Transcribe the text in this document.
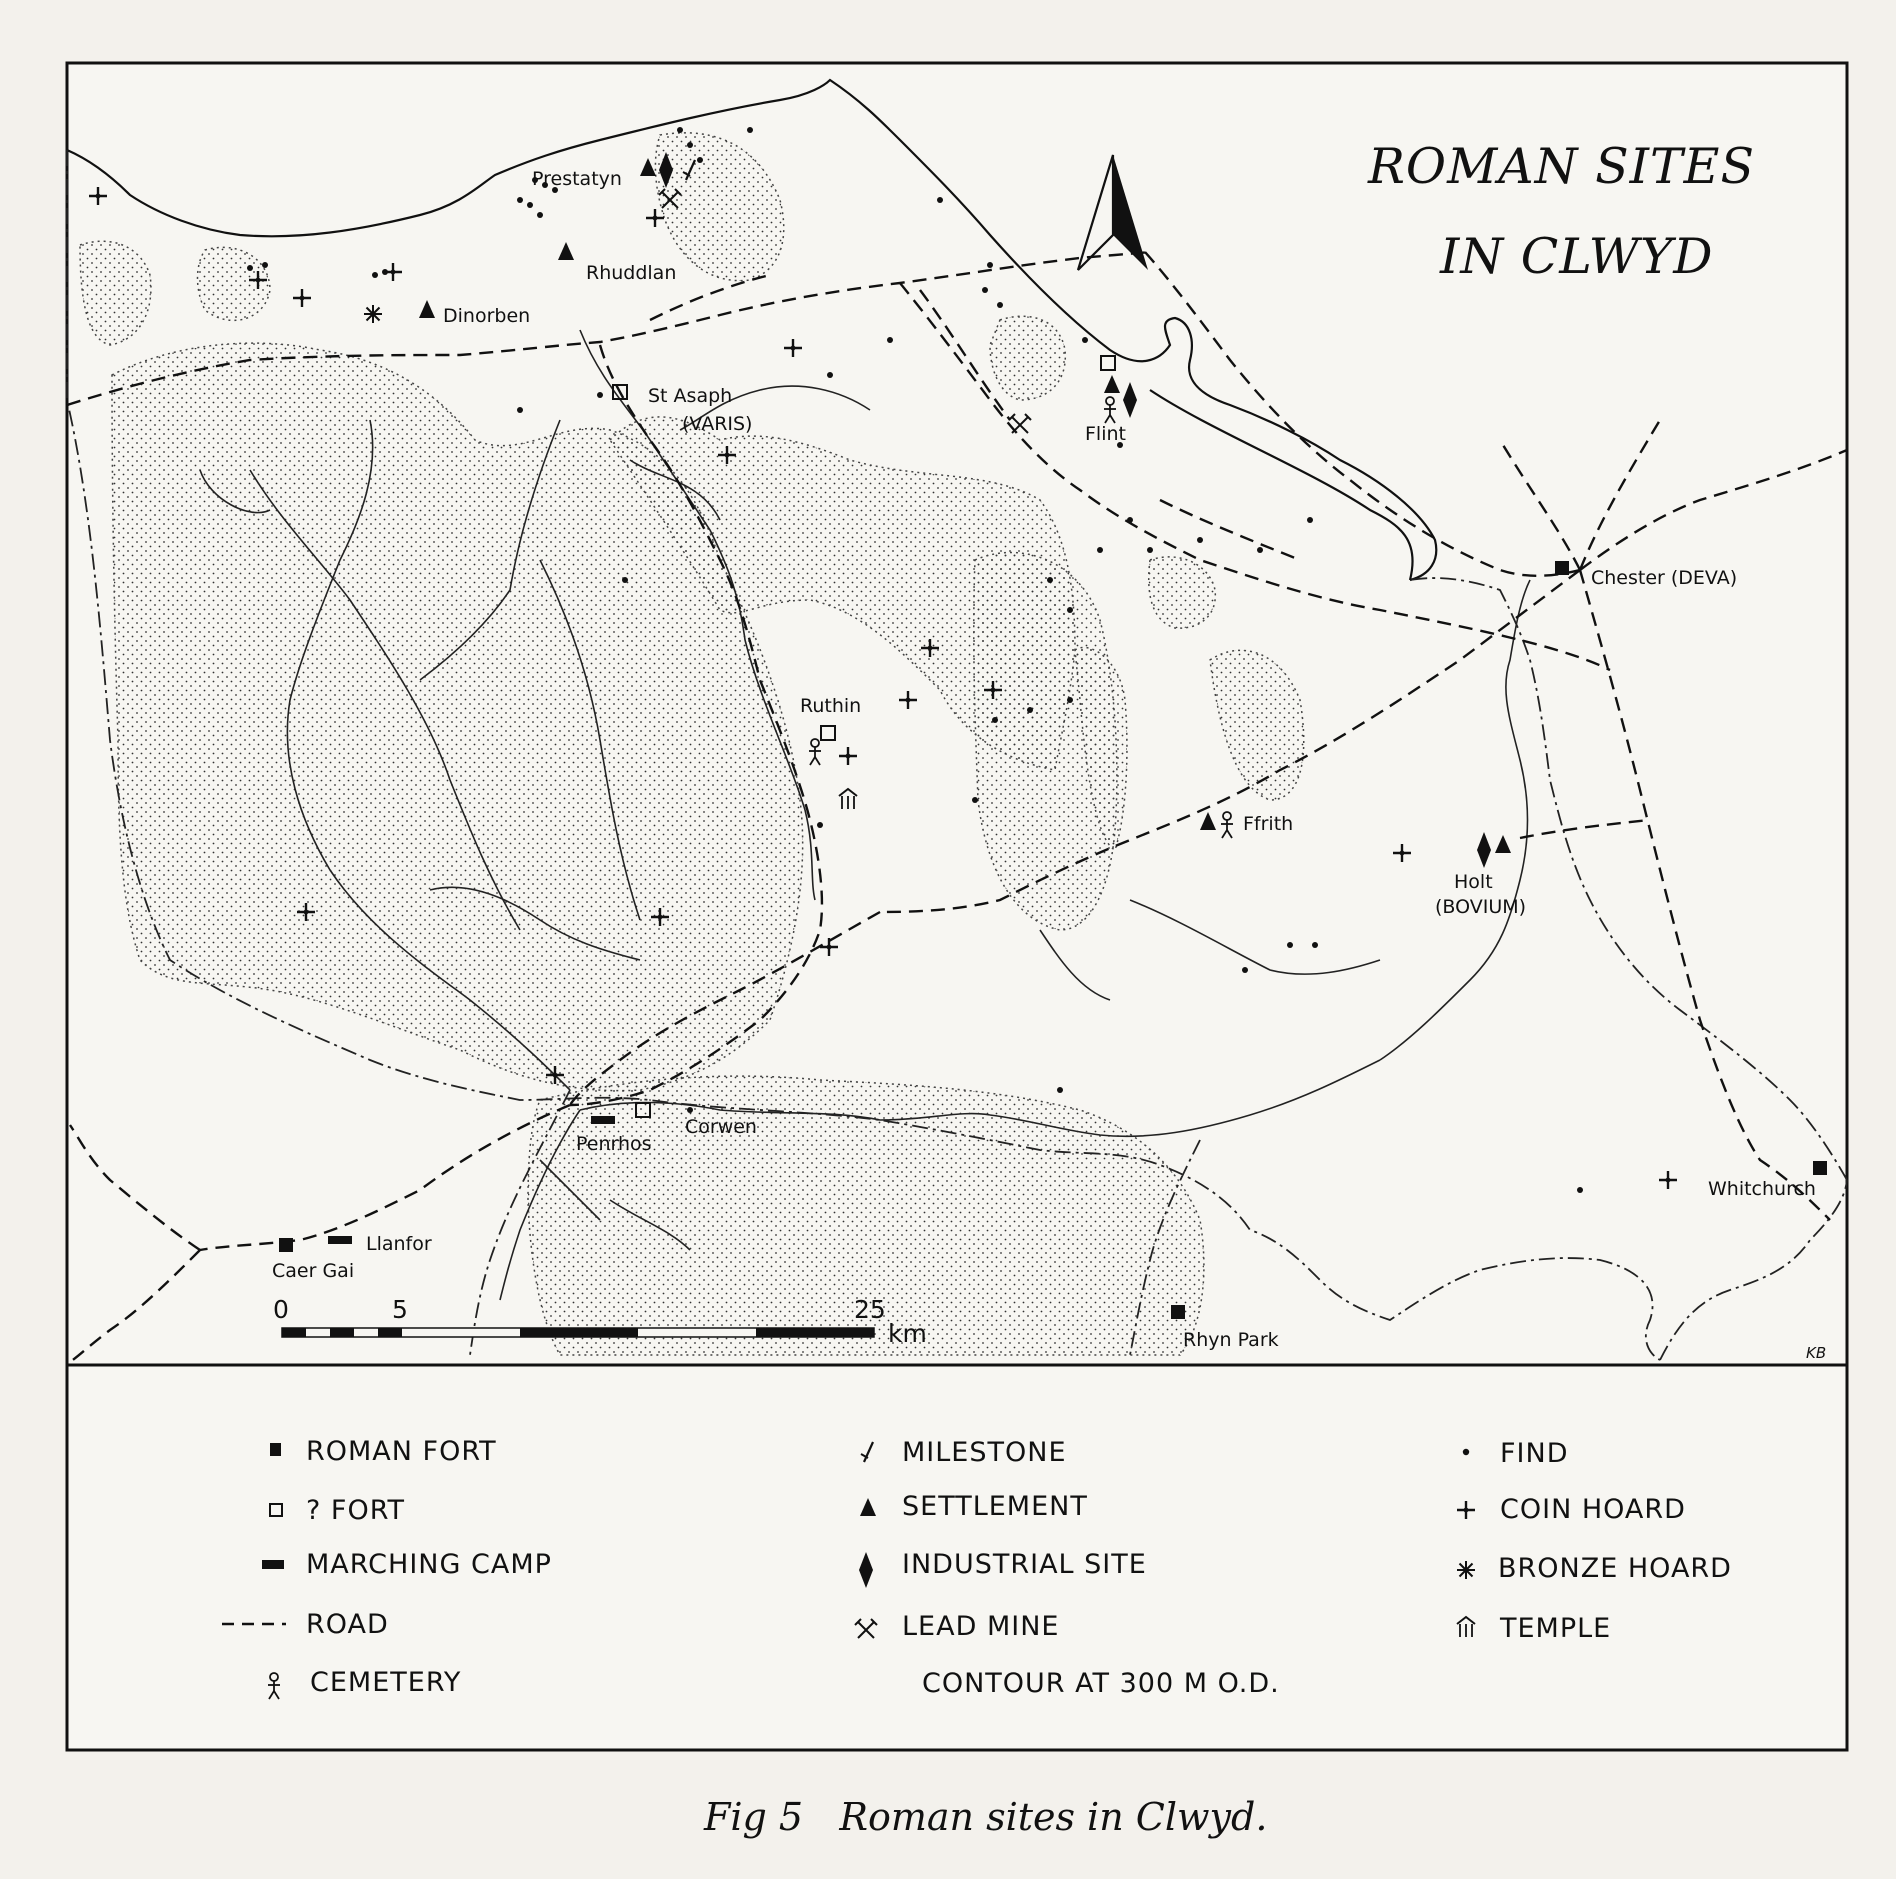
ROMAN SITES
IN CLWYD
Prestatyn
Rhuddlan
Dinorben
St Asaph
(VARIS)	Flint
Chester (DEVA)
Ruthin
Ffrith
Holt
(BOVIUM)
Penrhos
Corwen
Llanfor
Caer Gai
Whitchurch
Rhyn Park
KB
0	5	25
km
ROMAN FORT
? FORT
MARCHING CAMP
ROAD
CEMETERY
MILESTONE
SETTLEMENT
INDUSTRIAL SITE
LEAD MINE
CONTOUR AT 300 M O.D.
FIND
COIN HOARD
BRONZE HOARD
TEMPLE
Fig 5   Roman sites in Clwyd.
